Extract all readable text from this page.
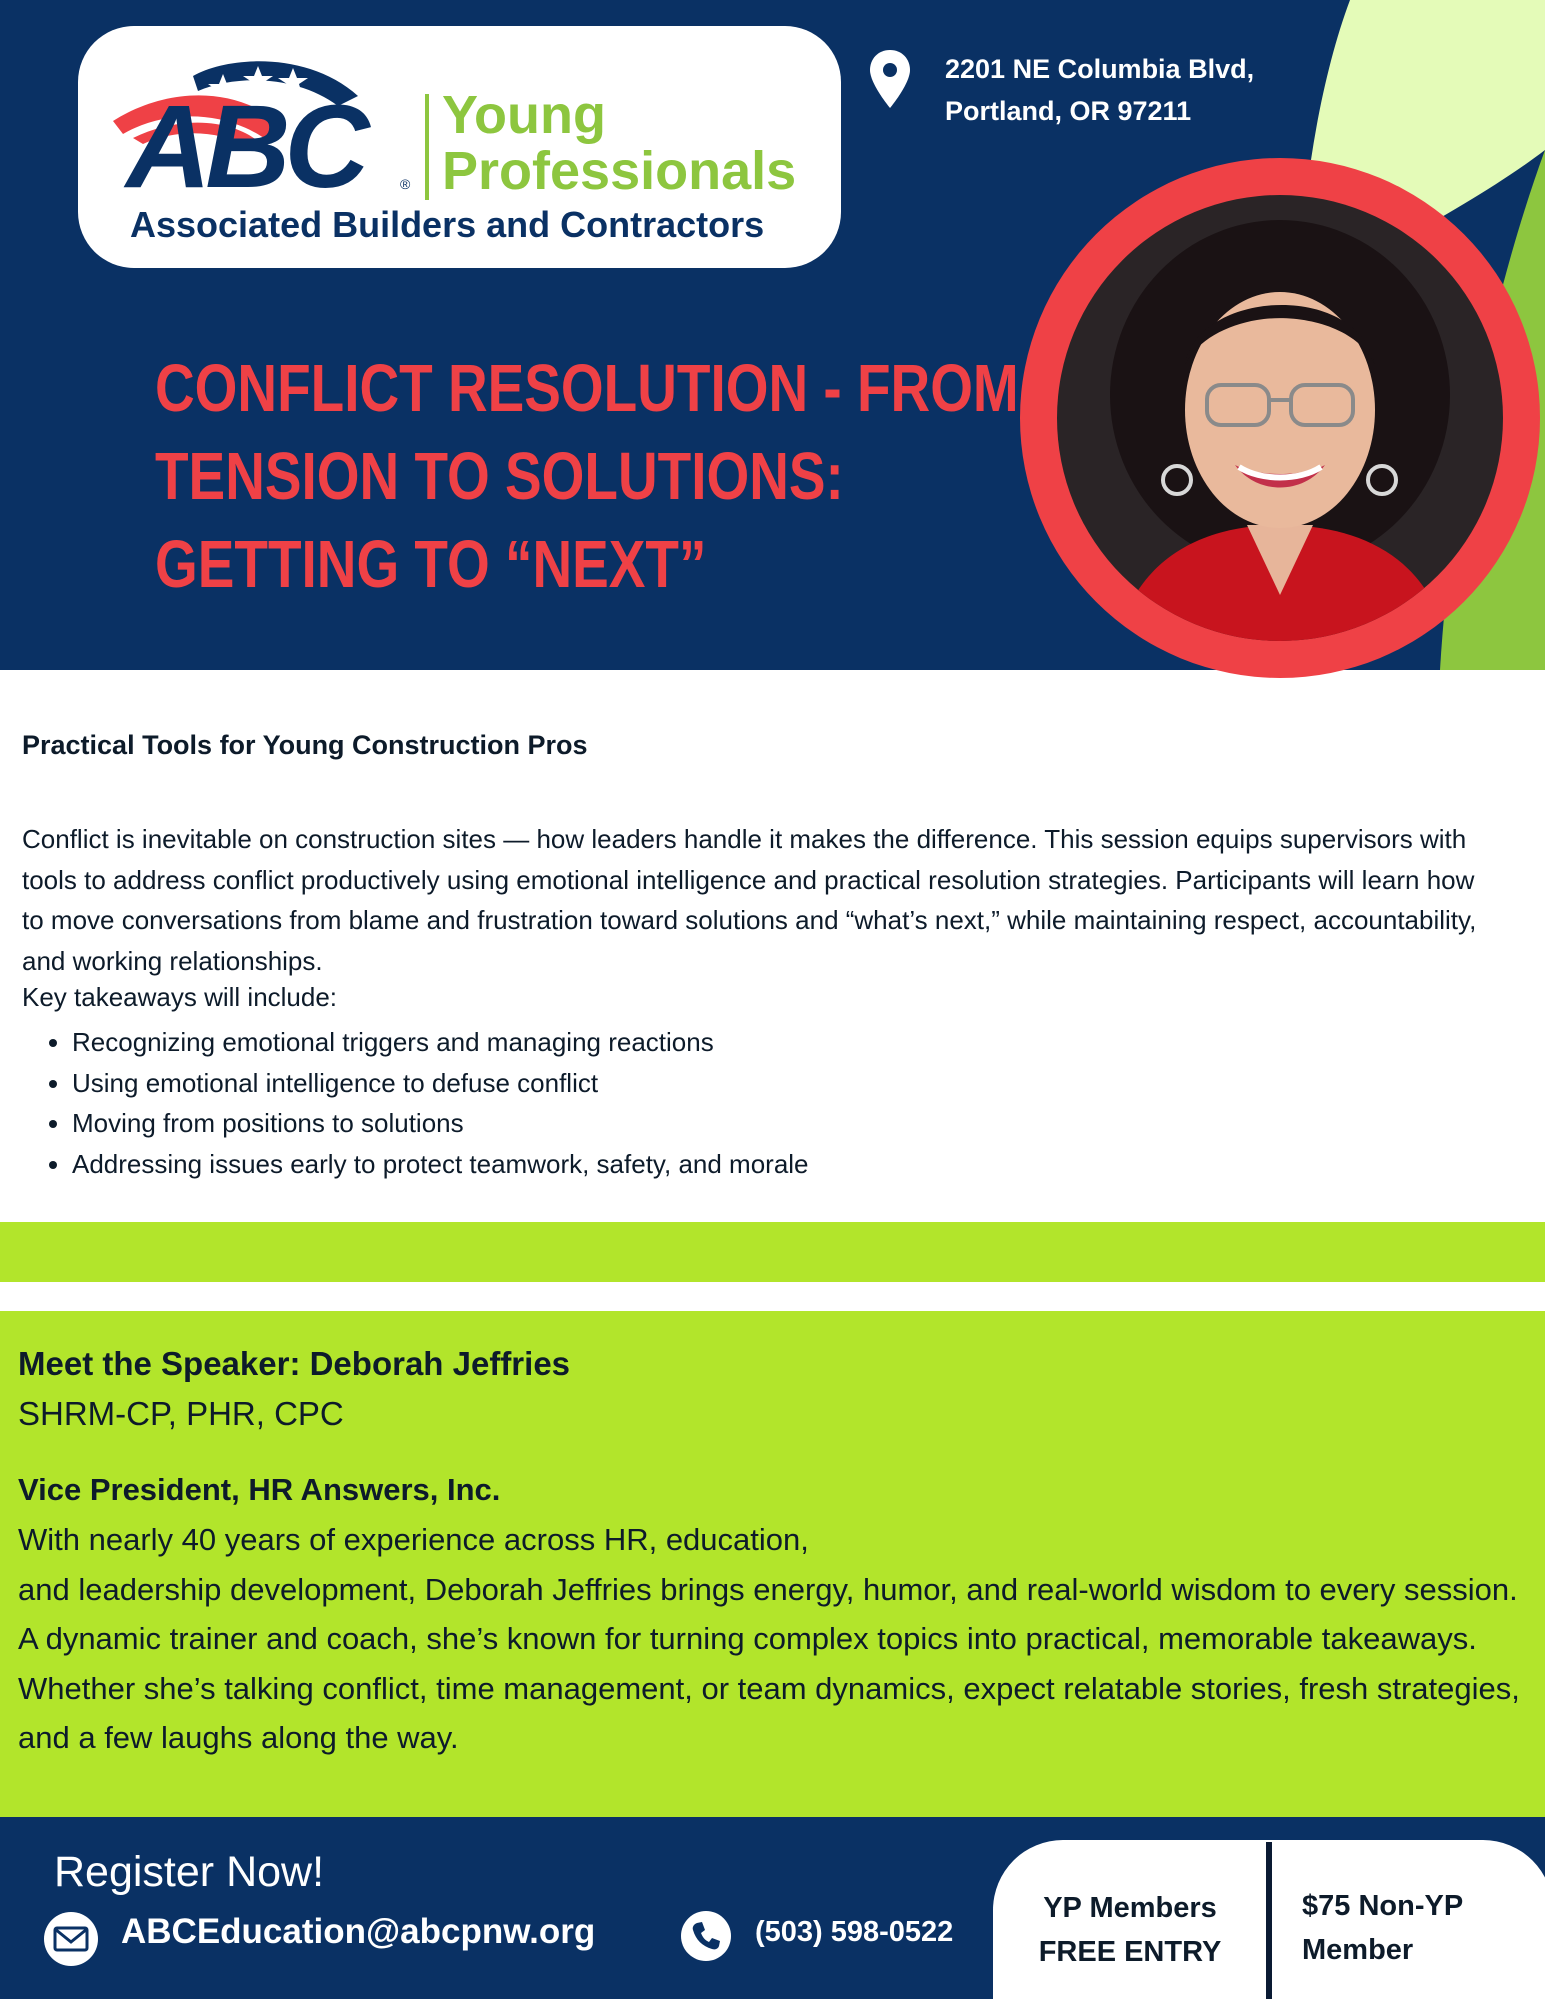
ABC	®
Young
Professionals
Associated Builders and Contractors
2201 NE Columbia Blvd,
Portland, OR 97211
CONFLICT RESOLUTION - FROM
TENSION TO SOLUTIONS:
GETTING TO “NEXT”
Practical Tools for Young Construction Pros
Conflict is inevitable on construction sites — how leaders handle it makes the difference. This session equips supervisors with tools to address conflict productively using emotional intelligence and practical resolution strategies. Participants will learn how to move conversations from blame and frustration toward solutions and “what’s next,” while maintaining respect, accountability, and working relationships.
Key takeaways will include:
• Recognizing emotional triggers and managing reactions
• Using emotional intelligence to defuse conflict
• Moving from positions to solutions
• Addressing issues early to protect teamwork, safety, and morale
Meet the Speaker: Deborah Jeffries
SHRM-CP, PHR, CPC
Vice President, HR Answers, Inc.
With nearly 40 years of experience across HR, education,
and leadership development, Deborah Jeffries brings energy, humor, and real-world wisdom to every session. A dynamic trainer and coach, she’s known for turning complex topics into practical, memorable takeaways. Whether she’s talking conflict, time management, or team dynamics, expect relatable stories, fresh strategies, and a few laughs along the way.
Register Now!
ABCEducation@abcpnw.org	(503) 598-0522
YP Members
FREE ENTRY
$75 Non-YP
Member
